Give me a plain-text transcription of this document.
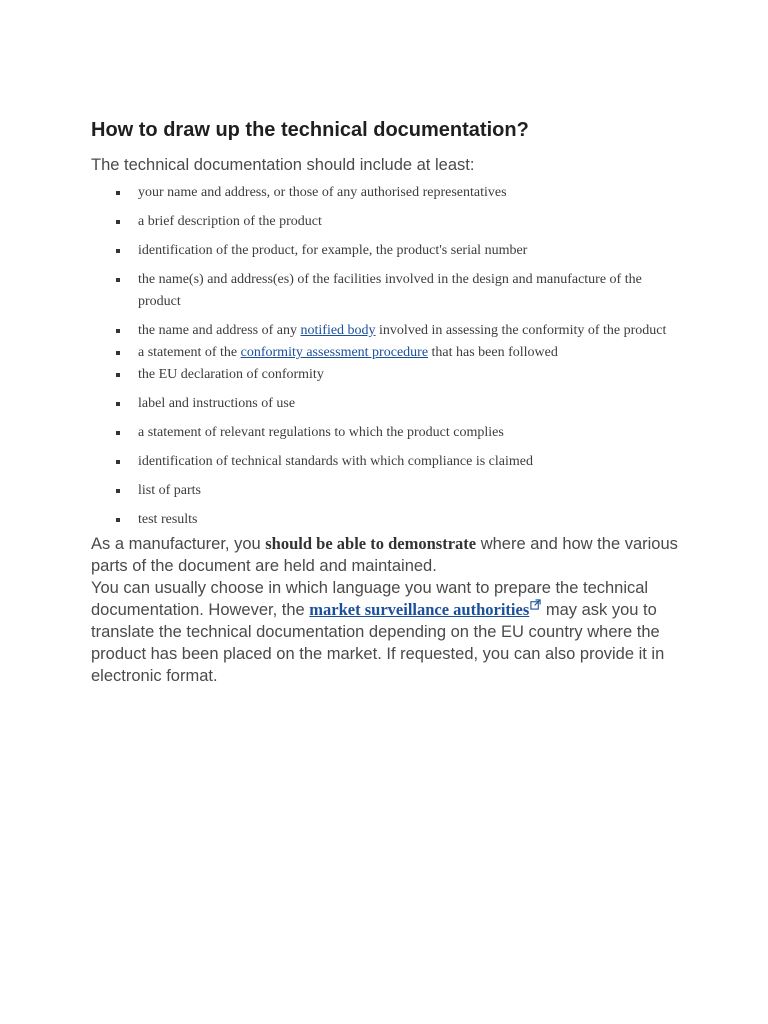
How to draw up the technical documentation?

The technical documentation should include at least:

your name and address, or those of any authorised representatives
a brief description of the product
identification of the product, for example, the product's serial number
the name(s) and address(es) of the facilities involved in the design and manufacture of the product
the name and address of any notified body involved in assessing the conformity of the product
a statement of the conformity assessment procedure that has been followed
the EU declaration of conformity
label and instructions of use
a statement of relevant regulations to which the product complies
identification of technical standards with which compliance is claimed
list of parts
test results

As a manufacturer, you should be able to demonstrate where and how the various parts of the document are held and maintained.

You can usually choose in which language you want to prepare the technical documentation. However, the market surveillance authorities may ask you to translate the technical documentation depending on the EU country where the product has been placed on the market. If requested, you can also provide it in electronic format.
